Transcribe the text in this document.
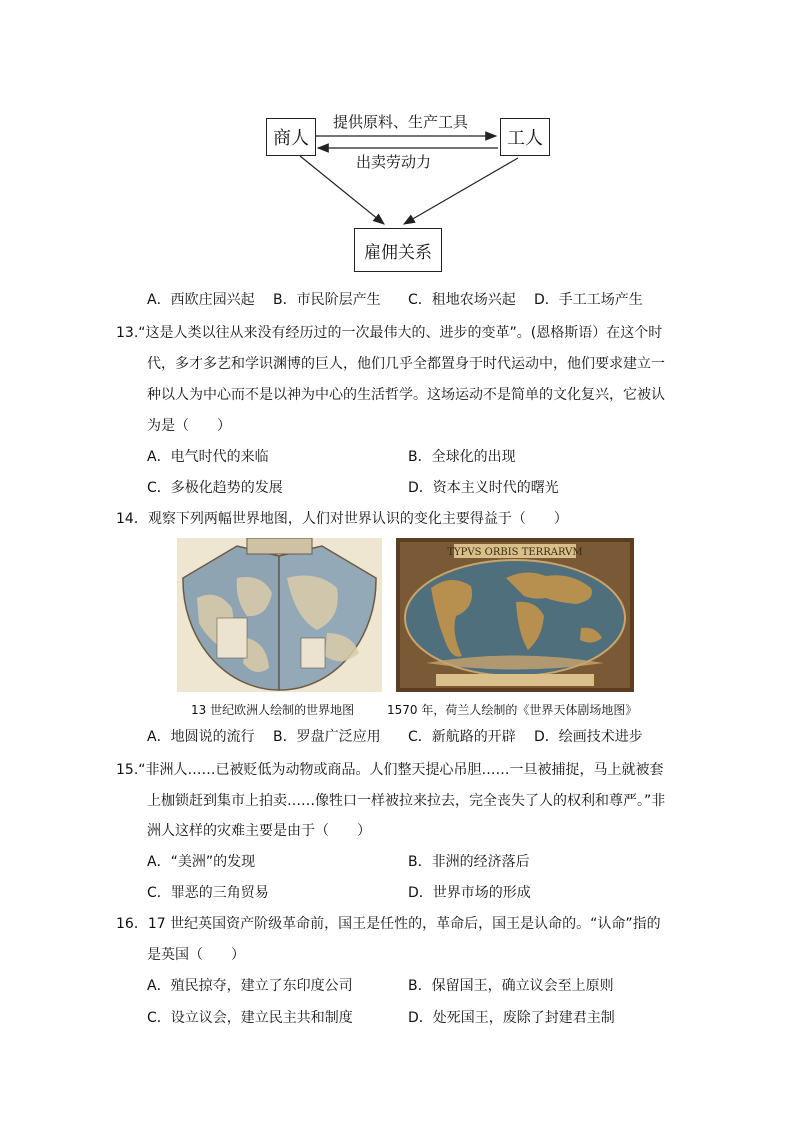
商人	工人
提供原料、生产工具
出卖劳动力
雇佣关系
A．西欧庄园兴起 B．市民阶层产生 C．租地农场兴起 D．手工工场产生
13.“这是人类以往从来没有经历过的一次最伟大的、进步的变革”。(恩格斯语）在这个时
代，多才多艺和学识渊博的巨人，他们几乎全都置身于时代运动中，他们要求建立一
种以人为中心而不是以神为中心的生活哲学。这场运动不是简单的文化复兴，它被认
为是（　　）
A．电气时代的来临	B．全球化的出现
C．多极化趋势的发展	D．资本主义时代的曙光
14．观察下列两幅世界地图，人们对世界认识的变化主要得益于（　　）
TYPVS ORBIS TERRARVM
13 世纪欧洲人绘制的世界地图	1570 年，荷兰人绘制的《世界天体剧场地图》
A．地圆说的流行 B．罗盘广泛应用 C．新航路的开辟 D．绘画技术进步
15.“非洲人……已被贬低为动物或商品。人们整天提心吊胆……一旦被捕捉，马上就被套
上枷锁赶到集市上拍卖……像牲口一样被拉来拉去，完全丧失了人的权利和尊严。”非
洲人这样的灾难主要是由于（　　）
A．“美洲”的发现	B．非洲的经济落后
C．罪恶的三角贸易	D．世界市场的形成
16．17 世纪英国资产阶级革命前，国王是任性的，革命后，国王是认命的。“认命”指的
是英国（　　）
A．殖民掠夺，建立了东印度公司	B．保留国王，确立议会至上原则
C．设立议会，建立民主共和制度	D．处死国王，废除了封建君主制
